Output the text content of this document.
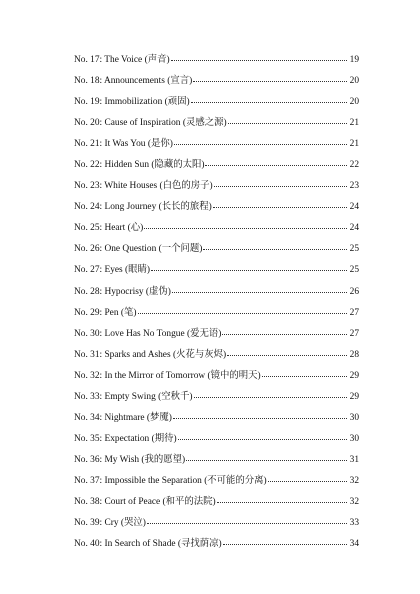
No. 17: The Voice (声音)	19
No. 18: Announcements (宣言)	20
No. 19: Immobilization (顽固)	20
No. 20: Cause of Inspiration (灵感之源)	21
No. 21: It Was You (是你)	21
No. 22: Hidden Sun (隐藏的太阳)	22
No. 23: White Houses (白色的房子)	23
No. 24: Long Journey (长长的旅程)	24
No. 25: Heart (心)	24
No. 26: One Question (一个问题)	25
No. 27: Eyes (眼睛)	25
No. 28: Hypocrisy (虚伪)	26
No. 29: Pen (笔)	27
No. 30: Love Has No Tongue (爱无语)	27
No. 31: Sparks and Ashes (火花与灰烬)	28
No. 32: In the Mirror of Tomorrow (镜中的明天)	29
No. 33: Empty Swing (空秋千)	29
No. 34: Nightmare (梦魇)	30
No. 35: Expectation (期待)	30
No. 36: My Wish (我的愿望)	31
No. 37: Impossible the Separation (不可能的分离)	32
No. 38: Court of Peace (和平的法院)	32
No. 39: Cry (哭泣)	33
No. 40: In Search of Shade (寻找荫凉)	34
